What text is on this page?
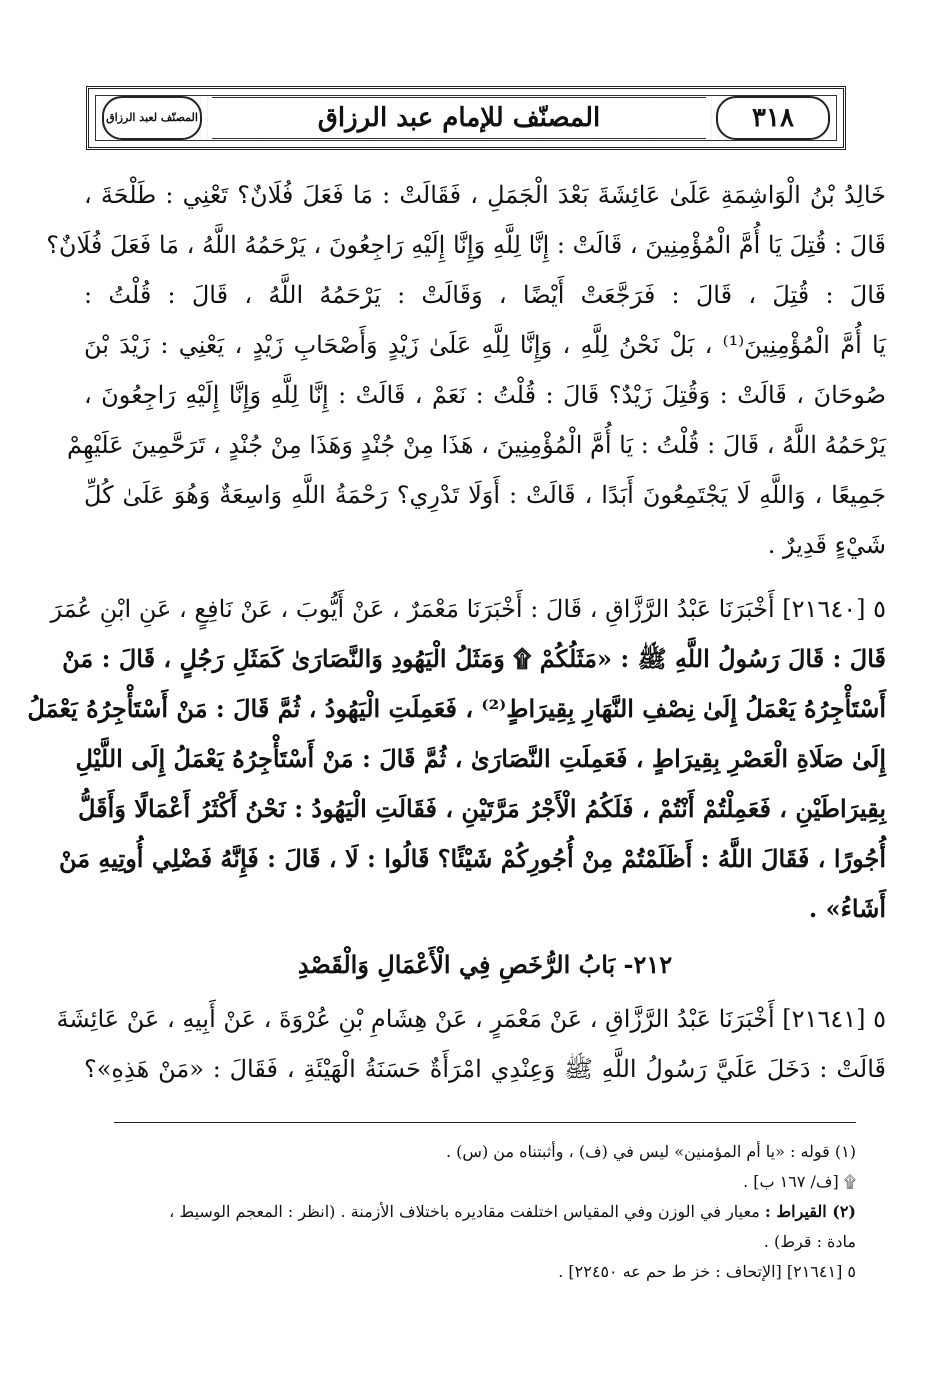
المصنّف لعبد الرزاق	المصنّف للإمام عبد الرزاق	٣١٨

خَالِدُ بْنُ الْوَاشِمَةِ عَلَىٰ عَائِشَةَ بَعْدَ الْجَمَلِ ، فَقَالَتْ : مَا فَعَلَ فُلَانٌ؟ تَعْنِي : طَلْحَةَ ،

قَالَ : قُتِلَ يَا أُمَّ الْمُؤْمِنِينَ ، قَالَتْ : إِنَّا لِلَّهِ وَإِنَّا إِلَيْهِ رَاجِعُونَ ، يَرْحَمُهُ اللَّهُ ، مَا فَعَلَ فُلَانٌ؟

قَالَ : قُتِلَ ، قَالَ : فَرَجَّعَتْ أَيْضًا ، وَقَالَتْ : يَرْحَمُهُ اللَّهُ ، قَالَ : قُلْتُ :

يَا أُمَّ الْمُؤْمِنِينَ⁽¹⁾ ، بَلْ نَحْنُ لِلَّهِ ، وَإِنَّا لِلَّهِ عَلَىٰ زَيْدٍ وَأَصْحَابِ زَيْدٍ ، يَعْنِي : زَيْدَ بْنَ

صُوحَانَ ، قَالَتْ : وَقُتِلَ زَيْدٌ؟ قَالَ : قُلْتُ : نَعَمْ ، قَالَتْ : إِنَّا لِلَّهِ وَإِنَّا إِلَيْهِ رَاجِعُونَ ،

يَرْحَمُهُ اللَّهُ ، قَالَ : قُلْتُ : يَا أُمَّ الْمُؤْمِنِينَ ، هَذَا مِنْ جُنْدٍ وَهَذَا مِنْ جُنْدٍ ، تَرَحَّمِينَ عَلَيْهِمْ

جَمِيعًا ، وَاللَّهِ لَا يَجْتَمِعُونَ أَبَدًا ، قَالَتْ : أَوَلَا تَدْرِي؟ رَحْمَةُ اللَّهِ وَاسِعَةٌ وَهُوَ عَلَىٰ كُلِّ

شَيْءٍ قَدِيرٌ .

٥ [٢١٦٤٠] أَخْبَرَنَا عَبْدُ الرَّزَّاقِ ، قَالَ : أَخْبَرَنَا مَعْمَرٌ ، عَنْ أَيُّوبَ ، عَنْ نَافِعٍ ، عَنِ ابْنِ عُمَرَ

قَالَ : قَالَ رَسُولُ اللَّهِ ﷺ : «مَثَلُكُمْ ۩ وَمَثَلُ الْيَهُودِ وَالنَّصَارَىٰ كَمَثَلِ رَجُلٍ ، قَالَ : مَنْ

أَسْتَأْجِرُهُ يَعْمَلُ إِلَىٰ نِصْفِ النَّهَارِ بِقِيرَاطٍ⁽²⁾ ، فَعَمِلَتِ الْيَهُودُ ، ثُمَّ قَالَ : مَنْ أَسْتَأْجِرُهُ يَعْمَلُ

إِلَىٰ صَلَاةِ الْعَصْرِ بِقِيرَاطٍ ، فَعَمِلَتِ النَّصَارَىٰ ، ثُمَّ قَالَ : مَنْ أَسْتَأْجِرُهُ يَعْمَلُ إِلَى اللَّيْلِ

بِقِيرَاطَيْنِ ، فَعَمِلْتُمْ أَنْتُمْ ، فَلَكُمُ الْأَجْرُ مَرَّتَيْنِ ، فَقَالَتِ الْيَهُودُ : نَحْنُ أَكْثَرُ أَعْمَالًا وَأَقَلُّ

أُجُورًا ، فَقَالَ اللَّهُ : أَظَلَمْتُمْ مِنْ أُجُورِكُمْ شَيْئًا؟ قَالُوا : لَا ، قَالَ : فَإِنَّهُ فَضْلِي أُوتِيهِ مَنْ

أَشَاءُ» .

٢١٢- بَابُ الرُّخَصِ فِي الْأَعْمَالِ وَالْقَصْدِ

٥ [٢١٦٤١] أَخْبَرَنَا عَبْدُ الرَّزَّاقِ ، عَنْ مَعْمَرٍ ، عَنْ هِشَامِ بْنِ عُرْوَةَ ، عَنْ أَبِيهِ ، عَنْ عَائِشَةَ

قَالَتْ : دَخَلَ عَلَيَّ رَسُولُ اللَّهِ ﷺ وَعِنْدِي امْرَأَةٌ حَسَنَةُ الْهَيْئَةِ ، فَقَالَ : «مَنْ هَذِهِ»؟

(١) قوله : «يا أم المؤمنين» ليس في (ف) ، وأثبتناه من (س) .

۩ [ف/ ١٦٧ ب] .

(٢) القيراط : معيار في الوزن وفي المقياس اختلفت مقاديره باختلاف الأزمنة . (انظر : المعجم الوسيط ،

مادة : قرط) .

٥ [٢١٦٤١] [الإتحاف : خز ط حم عه ٢٢٤٥٠] .
